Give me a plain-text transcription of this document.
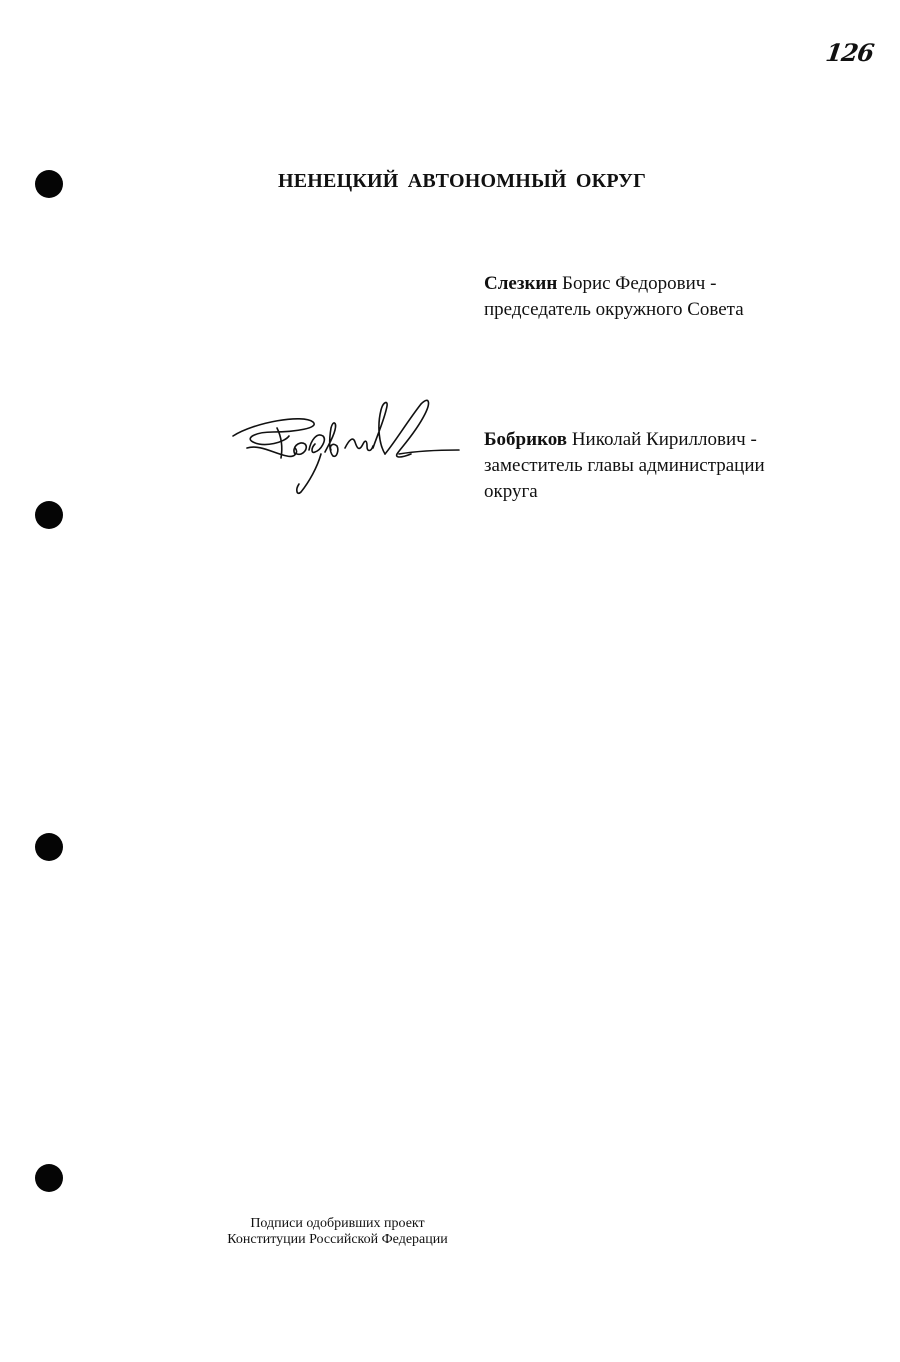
126
НЕНЕЦКИЙ АВТОНОМНЫЙ ОКРУГ
Слезкин Борис Федорович -
председатель окружного Совета
Бобриков Николай Кириллович -
заместитель главы администрации округа
Подписи одобривших проект
Конституции Российской Федерации
